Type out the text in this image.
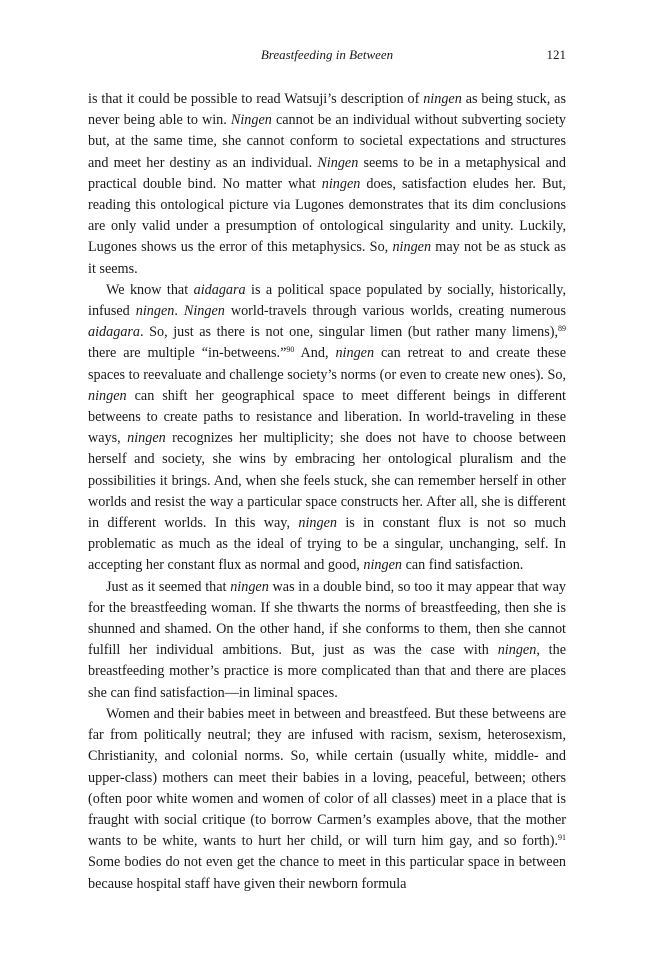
Breastfeeding in Between	121

is that it could be possible to read Watsuji’s description of ningen as being stuck, as never being able to win. Ningen cannot be an individual without subverting society but, at the same time, she cannot conform to societal expectations and structures and meet her destiny as an individual. Ningen seems to be in a metaphysical and practical double bind. No matter what ningen does, satisfaction eludes her. But, reading this ontological picture via Lugones demonstrates that its dim conclusions are only valid under a presumption of ontological singularity and unity. Luckily, Lugones shows us the error of this metaphysics. So, ningen may not be as stuck as it seems.

We know that aidagara is a political space populated by socially, historically, infused ningen. Ningen world-travels through various worlds, creating numerous aidagara. So, just as there is not one, singular limen (but rather many limens),$^{89}$ there are multiple “in-betweens.”$^{90}$ And, ningen can retreat to and create these spaces to reevaluate and challenge society’s norms (or even to create new ones). So, ningen can shift her geographical space to meet different beings in different betweens to create paths to resistance and liberation. In world-traveling in these ways, ningen recognizes her multiplicity; she does not have to choose between herself and society, she wins by embracing her ontological pluralism and the possibilities it brings. And, when she feels stuck, she can remember herself in other worlds and resist the way a particular space constructs her. After all, she is different in different worlds. In this way, ningen is in constant flux is not so much problematic as much as the ideal of trying to be a singular, unchanging, self. In accepting her constant flux as normal and good, ningen can find satisfaction.

Just as it seemed that ningen was in a double bind, so too it may appear that way for the breastfeeding woman. If she thwarts the norms of breastfeeding, then she is shunned and shamed. On the other hand, if she conforms to them, then she cannot fulfill her individual ambitions. But, just as was the case with ningen, the breastfeeding mother’s practice is more complicated than that and there are places she can find satisfaction—in liminal spaces.

Women and their babies meet in between and breastfeed. But these betweens are far from politically neutral; they are infused with racism, sexism, heterosexism, Christianity, and colonial norms. So, while certain (usually white, middle- and upper-class) mothers can meet their babies in a loving, peaceful, between; others (often poor white women and women of color of all classes) meet in a place that is fraught with social critique (to borrow Carmen’s examples above, that the mother wants to be white, wants to hurt her child, or will turn him gay, and so forth).$^{91}$ Some bodies do not even get the chance to meet in this particular space in between because hospital staff have given their newborn formula
